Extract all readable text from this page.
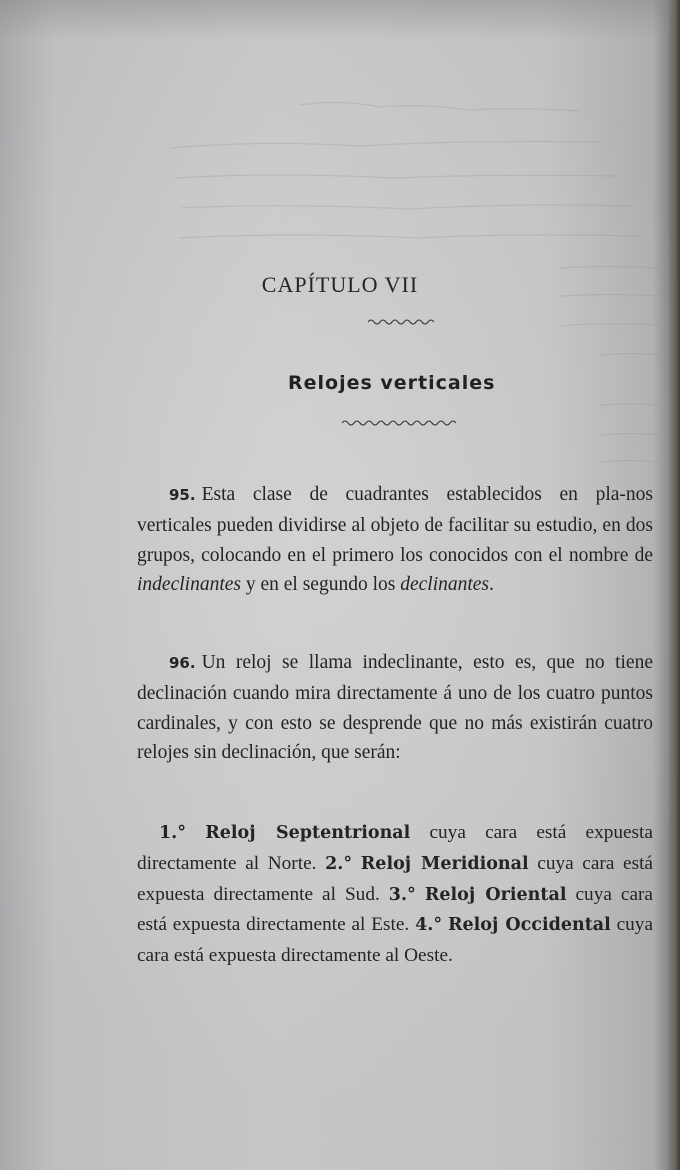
CAPÍTULO VII
Relojes verticales
95. Esta clase de cuadrantes establecidos en pla-nos verticales pueden dividirse al objeto de facilitar su estudio, en dos grupos, colocando en el primero los conocidos con el nombre de indeclinantes y en el segundo los declinantes.
96. Un reloj se llama indeclinante, esto es, que no tiene declinación cuando mira directamente á uno de los cuatro puntos cardinales, y con esto se desprende que no más existirán cuatro relojes sin declinación, que serán:
1.° Reloj Septentrional cuya cara está expuesta directamente al Norte. 2.° Reloj Meridional cuya cara está expuesta directamente al Sud. 3.° Reloj Oriental cuya cara está expuesta directamente al Este. 4.° Reloj Occidental cuya cara está expuesta directamente al Oeste.
